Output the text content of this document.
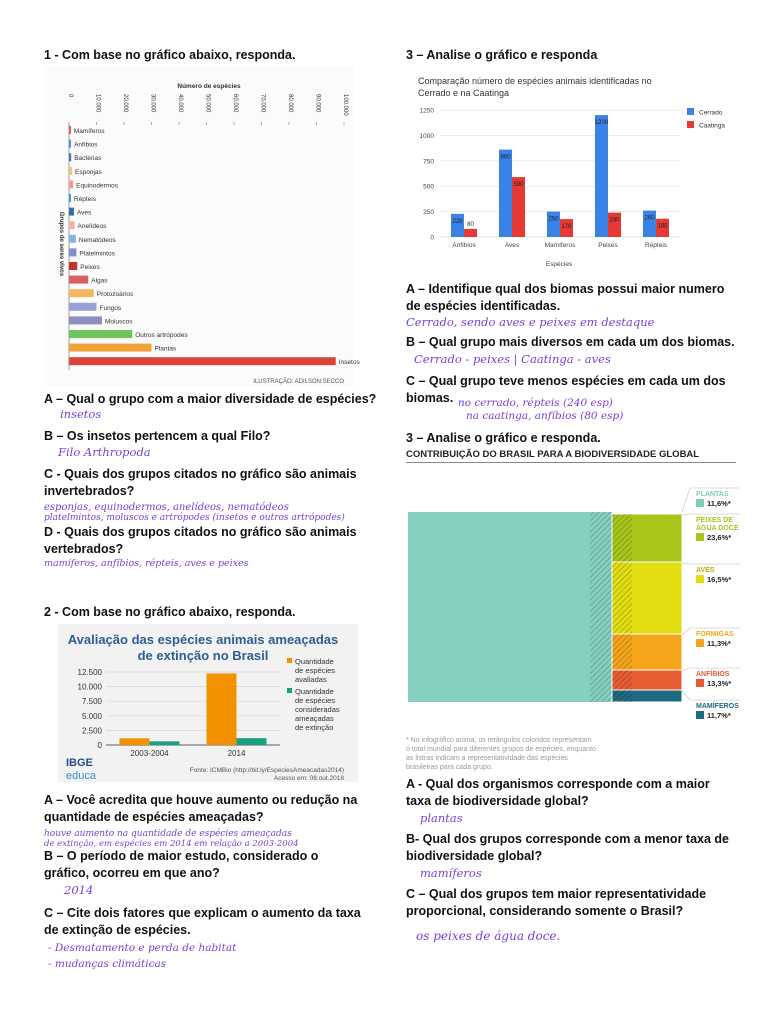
1 - Com base no gráfico abaixo, responda.
Número de espécies
0	10.000	20.000	30.000	40.000	50.000	60.000	70.000	80.000	90.000	100.000
Grupos de seres vivos
Mamíferos
Anfíbios
Bactérias
Esponjas
Equinodermos
Répteis
Aves
Anelídeos
Nematódeos
Platelmintos
Peixes
Algas
Protozoários
Fungos
Moluscos
Outros artrópodes
Plantas
Insetos
ILUSTRAÇÃO: ADILSON SECCO
A – Qual o grupo com a maior diversidade de espécies?
insetos
B – Os insetos pertencem a qual Filo?
Filo Arthropoda
C - Quais dos grupos citados no gráfico são animais invertebrados?
esponjas, equinodermos, anelídeos, nematódeos
platelmintos, moluscos e artrópodes (insetos e outros artrópodes)
D - Quais dos grupos citados no gráfico são animais vertebrados?
mamíferos, anfíbios, répteis, aves e peixes
2 - Com base no gráfico abaixo, responda.
Avaliação das espécies animais ameaçadas
de extinção no Brasil
0
2.500
5.000
7.500
10.000
12.500
2003-2004	2014
Quantidade
de espécies
avaliadas
Quantidade
de espécies
consideradas
ameaçadas
de extinção
IBGE
educa	Fonte: ICMBio (http://bit.ly/EspeciesAmeacadas2014)
Acesso em: 08.out.2018
A – Você acredita que houve aumento ou redução na quantidade de espécies ameaçadas?
houve aumento na quantidade de espécies ameaçadas
de extinção, em espécies em 2014 em relação a 2003-2004
B – O período de maior estudo, considerado o gráfico, ocorreu em que ano?
2014
C – Cite dois fatores que explicam o aumento da taxa de extinção de espécies.
- Desmatamento e perda de habitat
- mudanças climáticas
3 – Analise o gráfico e responda
Comparação número de espécies animais identificadas no
Cerrado e na Caatinga
0
250
500
750
1000
1250
228
80
Anfíbios
860
590
Aves
250
176
Mamíferos
1200
240
Peixes
260
180
Répteis
Cerrado
Caatinga
Espécies
A – Identifique qual dos biomas possui maior numero de espécies identificadas.
Cerrado, sendo aves e peixes em destaque
B – Qual grupo mais diversos em cada um dos biomas.
Cerrado - peixes | Caatinga - aves
C – Qual grupo teve menos espécies em cada um dos biomas. no cerrado, répteis (240 esp)
na caatinga, anfíbios (80 esp)
3 – Analise o gráfico e responda.
CONTRIBUIÇÃO DO BRASIL PARA A BIODIVERSIDADE GLOBAL
PLANTAS
11,6%*
PEIXES DE
ÁGUA DOCE
23,6%*
AVES
16,5%*
FORMIGAS
11,3%*
ANFÍBIOS
13,3%*
MAMÍFEROS
11,7%*
* No infográfico acima, os retângulos coloridos representam
o total mundial para diferentes grupos de espécies, enquanto
as listras indicam a representatividade das espécies
brasileiras para cada grupo.
A - Qual dos organismos corresponde com a maior taxa de biodiversidade global?
plantas
B- Qual dos grupos corresponde com a menor taxa de biodiversidade global?
mamíferos
C – Qual dos grupos tem maior representatividade proporcional, considerando somente o Brasil?
os peixes de água doce.
